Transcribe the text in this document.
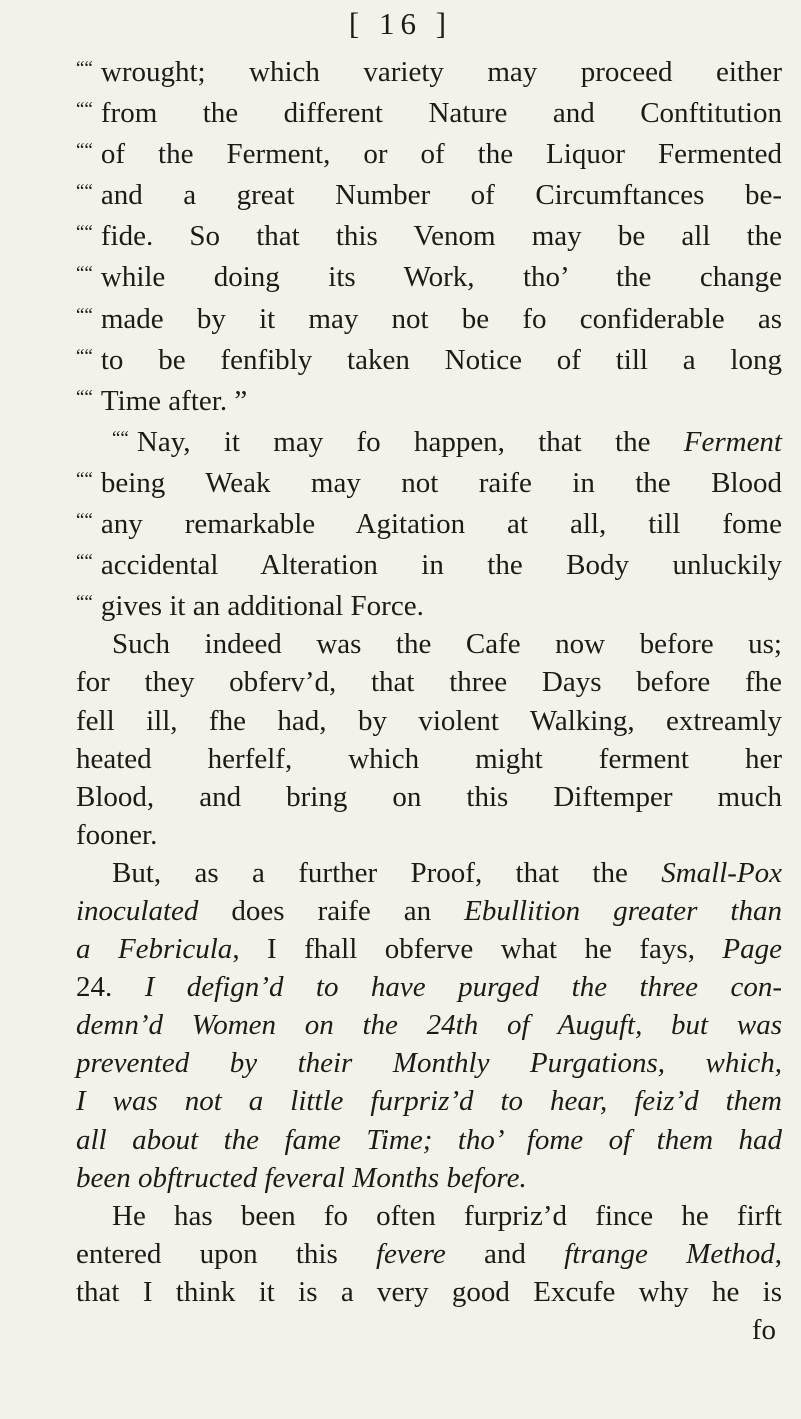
[ 16 ]
““ wrought; which variety may proceed either
““ from the different Nature and Conftitution
““ of the Ferment, or of the Liquor Fermented
““ and a great Number of Circumftances be-
““ fide. So that this Venom may be all the
““ while doing its Work, tho’ the change
““ made by it may not be fo confiderable as
““ to be fenfibly taken Notice of till a long
““ Time after. ”
““ Nay, it may fo happen, that the Ferment
““ being Weak may not raife in the Blood
““ any remarkable Agitation at all, till fome
““ accidental Alteration in the Body unluckily
““ gives it an additional Force.
Such indeed was the Cafe now before us;
for they obferv’d, that three Days before fhe
fell ill, fhe had, by violent Walking, extreamly
heated herfelf, which might ferment her
Blood, and bring on this Diftemper much
fooner.
But, as a further Proof, that the Small-Pox
inoculated does raife an Ebullition greater than
a Febricula, I fhall obferve what he fays, Page
24. I defign’d to have purged the three con-
demn’d Women on the 24th of Auguft, but was
prevented by their Monthly Purgations, which,
I was not a little furpriz’d to hear, feiz’d them
all about the fame Time; tho’ fome of them had
been obftructed feveral Months before.
He has been fo often furpriz’d fince he firft
entered upon this fevere and ftrange Method,
that I think it is a very good Excufe why he is
fo
